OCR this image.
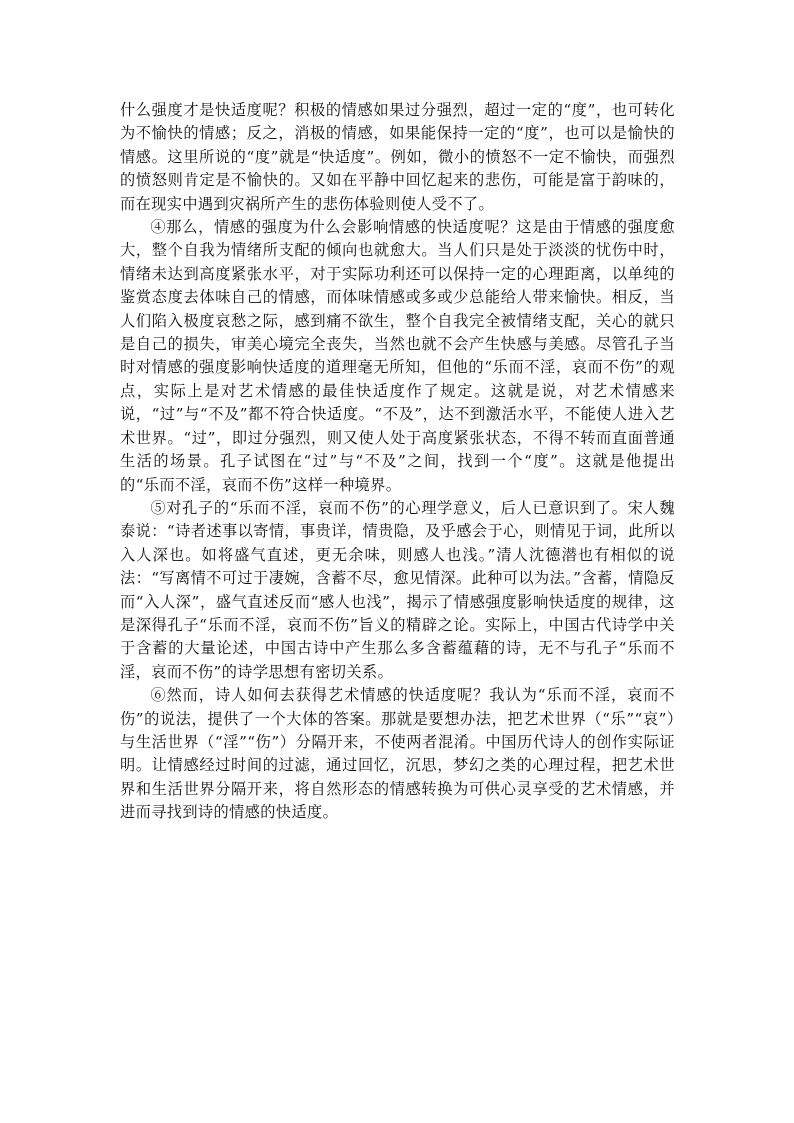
什么强度才是快适度呢？积极的情感如果过分强烈，超过一定的“度”，也可转化为不愉快的情感；反之，消极的情感，如果能保持一定的“度”，也可以是愉快的情感。这里所说的“度”就是“快适度”。例如，微小的愤怒不一定不愉快，而强烈的愤怒则肯定是不愉快的。又如在平静中回忆起来的悲伤，可能是富于韵味的，而在现实中遇到灾祸所产生的悲伤体验则使人受不了。

④那么，情感的强度为什么会影响情感的快适度呢？这是由于情感的强度愈大，整个自我为情绪所支配的倾向也就愈大。当人们只是处于淡淡的忧伤中时，情绪未达到高度紧张水平，对于实际功利还可以保持一定的心理距离，以单纯的鉴赏态度去体味自己的情感，而体味情感或多或少总能给人带来愉快。相反，当人们陷入极度哀愁之际，感到痛不欲生，整个自我完全被情绪支配，关心的就只是自己的损失，审美心境完全丧失，当然也就不会产生快感与美感。尽管孔子当时对情感的强度影响快适度的道理毫无所知，但他的“乐而不淫，哀而不伤”的观点，实际上是对艺术情感的最佳快适度作了规定。这就是说，对艺术情感来说，“过”与“不及”都不符合快适度。“不及”，达不到激活水平，不能使人进入艺术世界。“过”，即过分强烈，则又使人处于高度紧张状态，不得不转而直面普通生活的场景。孔子试图在“过”与“不及”之间，找到一个“度”。这就是他提出的“乐而不淫，哀而不伤”这样一种境界。

⑤对孔子的“乐而不淫，哀而不伤”的心理学意义，后人已意识到了。宋人魏泰说：“诗者述事以寄情，事贵详，情贵隐，及乎感会于心，则情见于词，此所以入人深也。如将盛气直述，更无余味，则感人也浅。”清人沈德潜也有相似的说法：“写离情不可过于凄婉，含蓄不尽，愈见情深。此种可以为法。”含蓄，情隐反而“入人深”，盛气直述反而“感人也浅”，揭示了情感强度影响快适度的规律，这是深得孔子“乐而不淫，哀而不伤”旨义的精辟之论。实际上，中国古代诗学中关于含蓄的大量论述，中国古诗中产生那么多含蓄蕴藉的诗，无不与孔子“乐而不淫，哀而不伤”的诗学思想有密切关系。

⑥然而，诗人如何去获得艺术情感的快适度呢？我认为“乐而不淫，哀而不伤”的说法，提供了一个大体的答案。那就是要想办法，把艺术世界（“乐”“哀”）与生活世界（“淫”“伤”）分隔开来，不使两者混淆。中国历代诗人的创作实际证明。让情感经过时间的过滤，通过回忆，沉思，梦幻之类的心理过程，把艺术世界和生活世界分隔开来，将自然形态的情感转换为可供心灵享受的艺术情感，并进而寻找到诗的情感的快适度。
